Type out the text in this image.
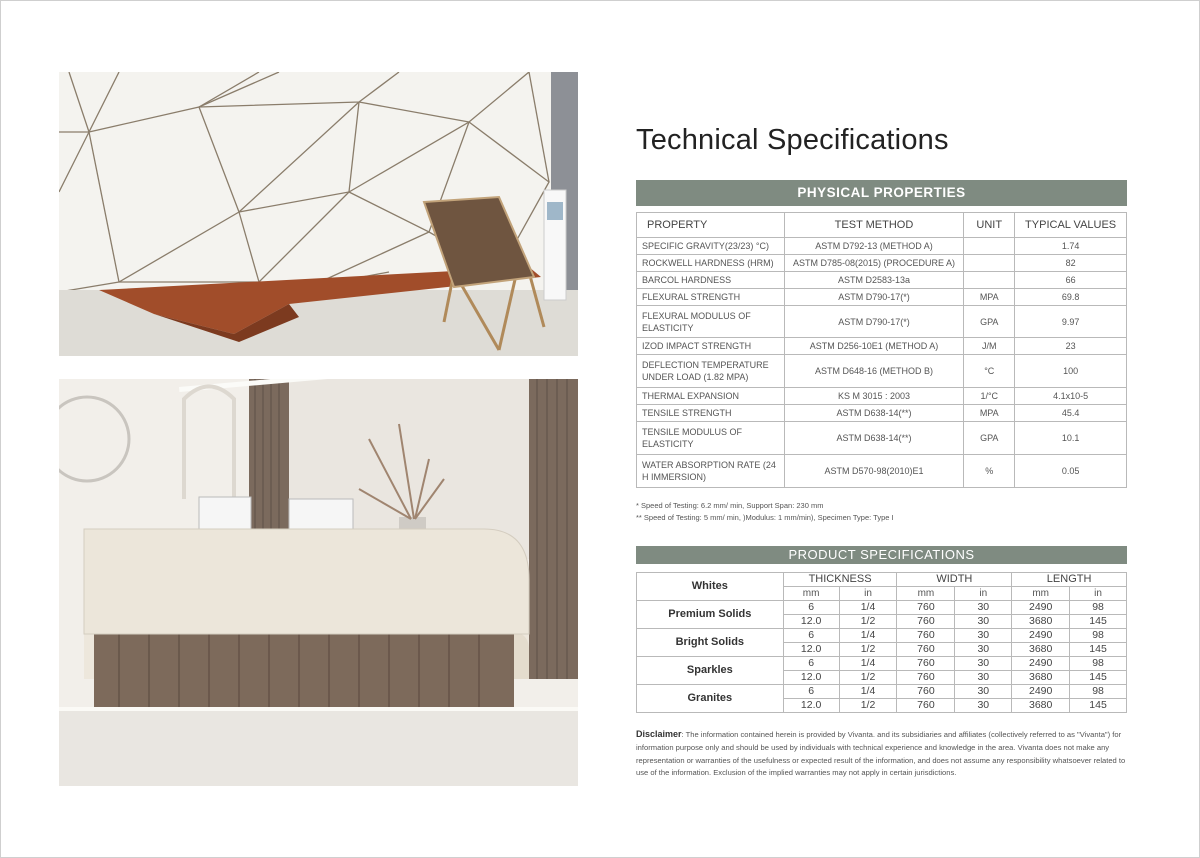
Technical Specifications
PHYSICAL PROPERTIES
PROPERTY	TEST METHOD	UNIT	TYPICAL VALUES
SPECIFIC GRAVITY(23/23) °C)	ASTM D792-13 (METHOD A)		1.74
ROCKWELL HARDNESS (HRM)	ASTM D785-08(2015) (PROCEDURE A)		82
BARCOL HARDNESS	ASTM D2583-13a		66
FLEXURAL STRENGTH	ASTM D790-17(*)	MPA	69.8
FLEXURAL MODULUS OF ELASTICITY	ASTM D790-17(*)	GPA	9.97
IZOD IMPACT STRENGTH	ASTM D256-10E1 (METHOD A)	J/M	23
DEFLECTION TEMPERATURE UNDER LOAD (1.82 MPA)	ASTM D648-16 (METHOD B)	°C	100
THERMAL EXPANSION	KS M 3015 : 2003	1/°C	4.1x10-5
TENSILE STRENGTH	ASTM D638-14(**)	MPA	45.4
TENSILE MODULUS OF ELASTICITY	ASTM D638-14(**)	GPA	10.1
WATER ABSORPTION RATE (24 H IMMERSION)	ASTM D570-98(2010)E1	%	0.05
* Speed of Testing: 6.2 mm/ min, Support Span: 230 mm
** Speed of Testing: 5 mm/ min, )Modulus: 1 mm/min), Specimen Type: Type I
PRODUCT SPECIFICATIONS
Whites	THICKNESS		WIDTH		LENGTH	
	mm	in	mm	in	mm	in
Premium Solids	6	1/4	760	30	2490	98
	12.0	1/2	760	30	3680	145
Bright Solids	6	1/4	760	30	2490	98
	12.0	1/2	760	30	3680	145
Sparkles	6	1/4	760	30	2490	98
	12.0	1/2	760	30	3680	145
Granites	6	1/4	760	30	2490	98
	12.0	1/2	760	30	3680	145
Disclaimer: The information contained herein is provided by Vivanta. and its subsidiaries and affiliates (collectively referred to as "Vivanta") for information purpose only and should be used by individuals with technical experience and knowledge in the area. Vivanta does not make any representation or warranties of the usefulness or expected result of the information, and does not assume any responsibility whatsoever related to use of the information. Exclusion of the implied warranties may not apply in certain jurisdictions.
